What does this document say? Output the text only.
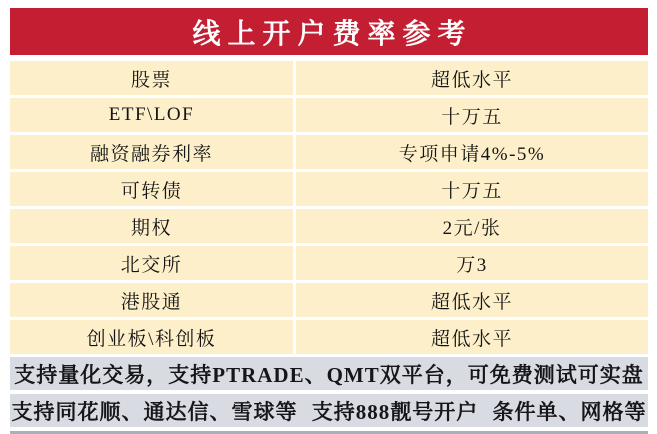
线上开户费率参考
股票	超低水平
ETF\LOF	十万五
融资融券利率	专项申请4%-5%
可转债	十万五
期权	2元/张
北交所	万3
港股通	超低水平
创业板\科创板	超低水平
支持量化交易，支持PTRADE、QMT双平台，可免费测试可实盘
支持同花顺、通达信、雪球等 支持888靓号开户 条件单、网格等
